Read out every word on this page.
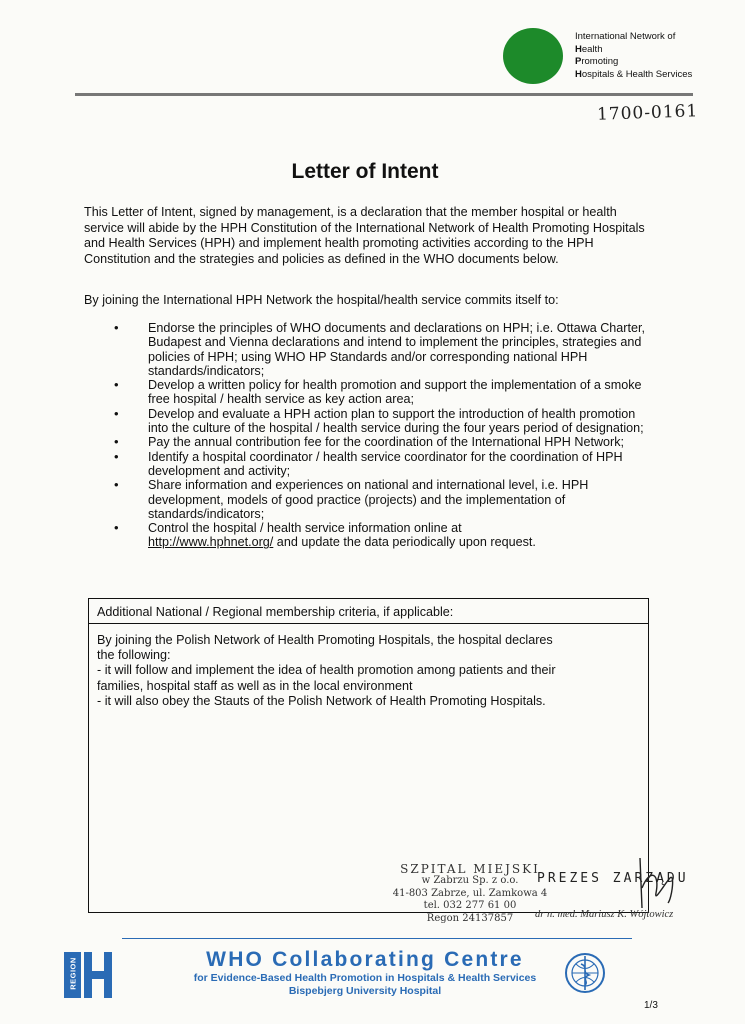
International Network of
Health
Promoting
Hospitals & Health Services
1700-0161
Letter of Intent
This Letter of Intent, signed by management, is a declaration that the member hospital or health service will abide by the HPH Constitution of the International Network of Health Promoting Hospitals and Health Services (HPH) and implement health promoting activities according to the HPH Constitution and the strategies and policies as defined in the WHO documents below.
By joining the International HPH Network the hospital/health service commits itself to:
• Endorse the principles of WHO documents and declarations on HPH; i.e. Ottawa Charter, Budapest and Vienna declarations and intend to implement the principles, strategies and policies of HPH; using WHO HP Standards and/or corresponding national HPH standards/indicators;
• Develop a written policy for health promotion and support the implementation of a smoke free hospital / health service as key action area;
• Develop and evaluate a HPH action plan to support the introduction of health promotion into the culture of the hospital / health service during the four years period of designation;
• Pay the annual contribution fee for the coordination of the International HPH Network;
• Identify a hospital coordinator / health service coordinator for the coordination of HPH development and activity;
• Share information and experiences on national and international level, i.e. HPH development, models of good practice (projects) and the implementation of standards/indicators;
• Control the hospital / health service information online at
http://www.hphnet.org/ and update the data periodically upon request.
Additional National / Regional membership criteria, if applicable:
By joining the Polish Network of Health Promoting Hospitals, the hospital declares the following:
- it will follow and implement the idea of health promotion among patients and their families, hospital staff as well as in the local environment
- it will also obey the Stauts of the Polish Network of Health Promoting Hospitals.
SZPITAL MIEJSKI
w Zabrzu Sp. z o.o.
41-803 Zabrze, ul. Zamkowa 4
tel. 032 277 61 00
Regon 24137857
PREZES ZARZĄDU
dr n. med. Mariusz K. Wójtowicz
REGION	WHO Collaborating Centre
for Evidence-Based Health Promotion in Hospitals & Health Services
Bispebjerg University Hospital
1/3
